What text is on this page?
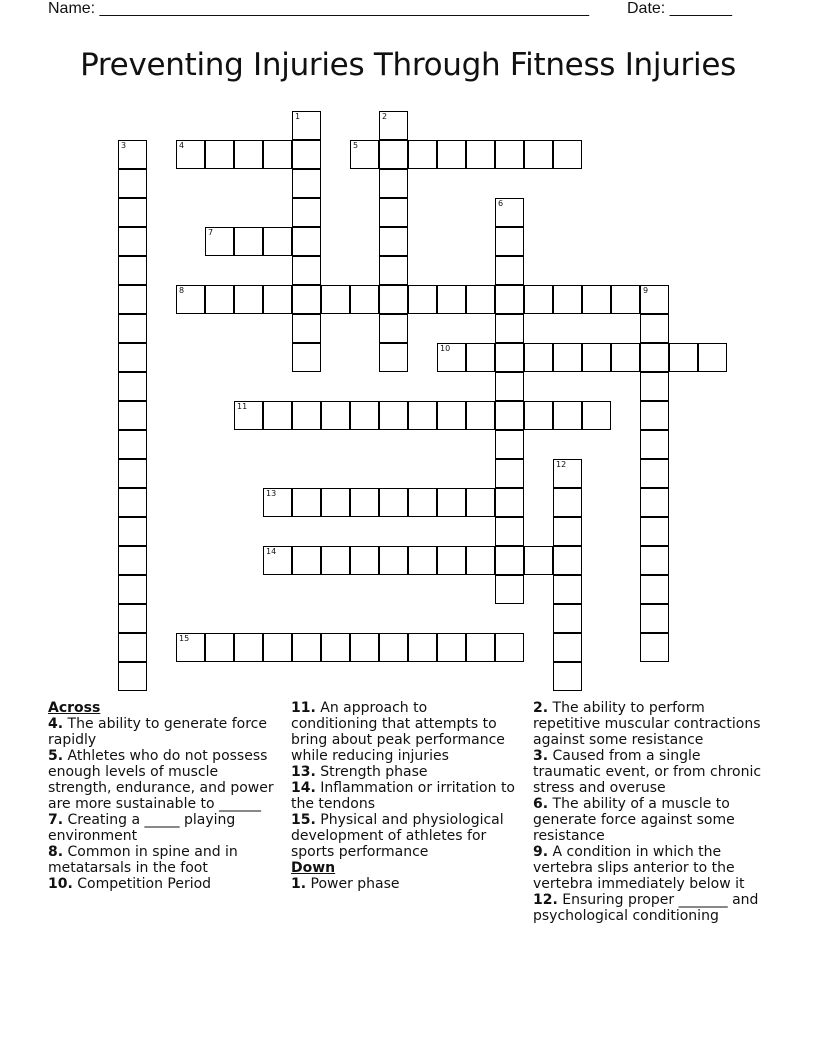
Name: _______________________________________________________ Date: _______
Preventing Injuries Through Fitness Injuries
1	2
3	4	5
6
7
8	9
10
11
12
13
14
15
Across
4. The ability to generate force rapidly
5. Athletes who do not possess enough levels of muscle strength, endurance, and power are more sustainable to ______
7. Creating a _____ playing environment
8. Common in spine and in metatarsals in the foot
10. Competition Period
11. An approach to conditioning that attempts to bring about peak performance while reducing injuries
13. Strength phase
14. Inflammation or irritation to the tendons
15. Physical and physiological development of athletes for sports performance
Down
1. Power phase
2. The ability to perform repetitive muscular contractions against some resistance
3. Caused from a single traumatic event, or from chronic stress and overuse
6. The ability of a muscle to generate force against some resistance
9. A condition in which the vertebra slips anterior to the vertebra immediately below it
12. Ensuring proper _______ and psychological conditioning
